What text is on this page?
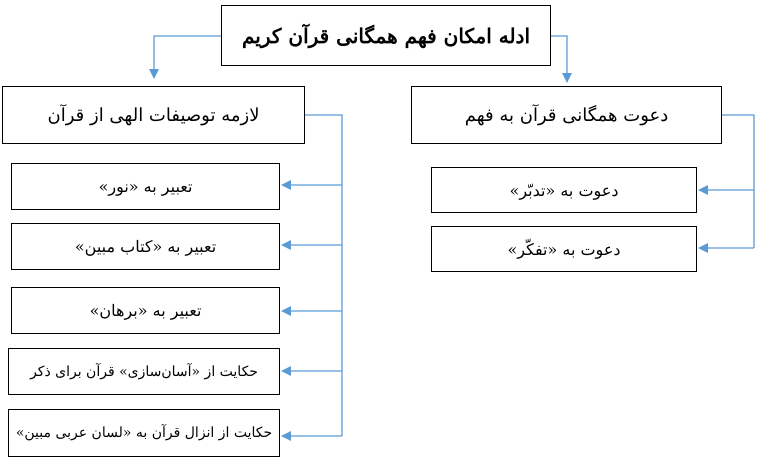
ادله امکان فهم همگانی قرآن کریم
لازمه توصیفات الهی از قرآن	دعوت همگانی قرآن به فهم
تعبیر به «نور»
تعبیر به «کتاب مبین»
تعبیر به «برهان»
حکایت از «آسان‌سازی» قرآن برای ذکر
حکایت از انزال قرآن به «لسان عربی مبین»
دعوت به «تدبّر»
دعوت به «تفکّر»
